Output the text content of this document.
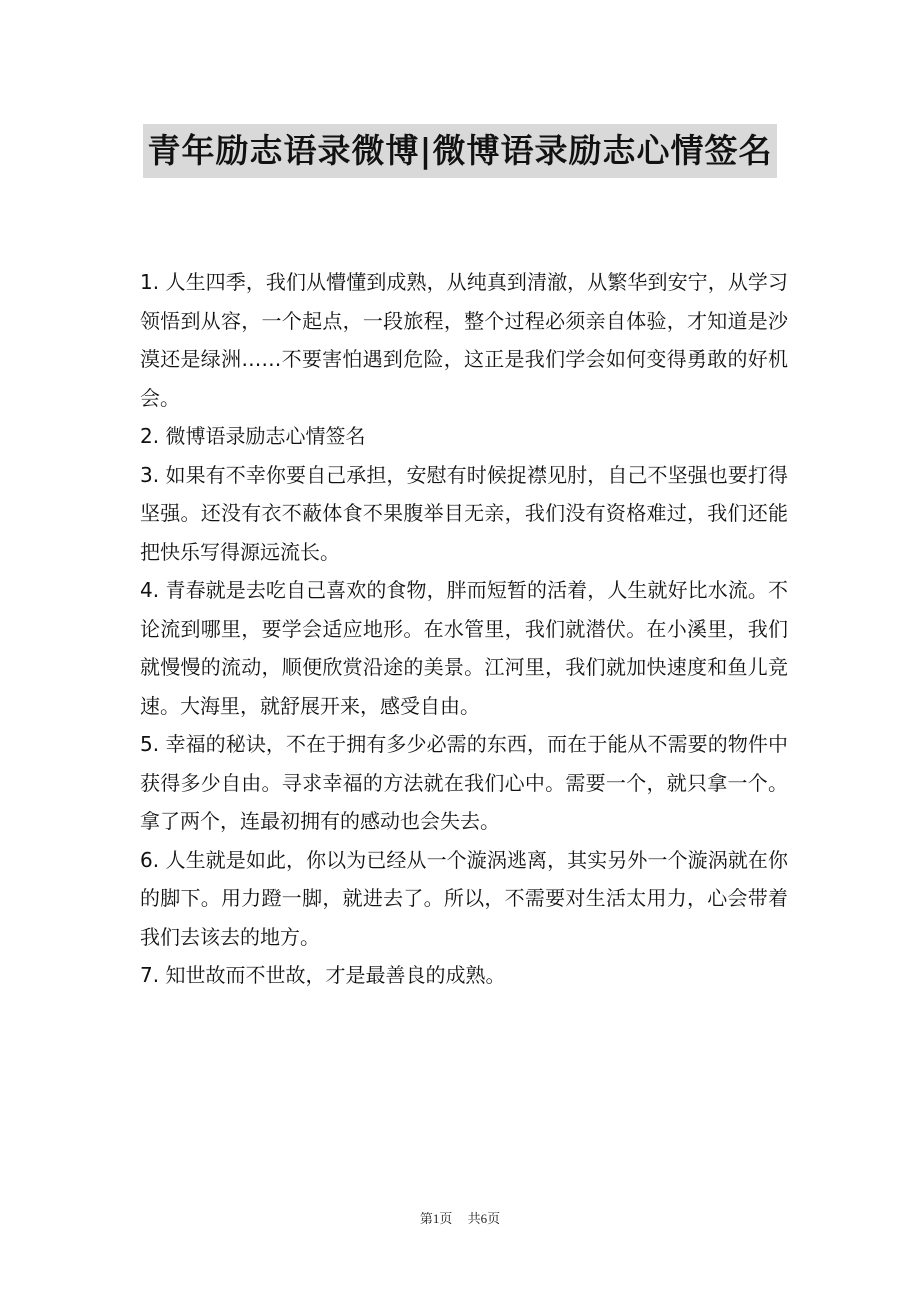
青年励志语录微博|微博语录励志心情签名

1. 人生四季，我们从懵懂到成熟，从纯真到清澈，从繁华到安宁，从学习领悟到从容，一个起点，一段旅程，整个过程必须亲自体验，才知道是沙漠还是绿洲……不要害怕遇到危险，这正是我们学会如何变得勇敢的好机会。

2. 微博语录励志心情签名

3. 如果有不幸你要自己承担，安慰有时候捉襟见肘，自己不坚强也要打得坚强。还没有衣不蔽体食不果腹举目无亲，我们没有资格难过，我们还能把快乐写得源远流长。

4. 青春就是去吃自己喜欢的食物，胖而短暂的活着，人生就好比水流。不论流到哪里，要学会适应地形。在水管里，我们就潜伏。在小溪里，我们就慢慢的流动，顺便欣赏沿途的美景。江河里，我们就加快速度和鱼儿竞速。大海里，就舒展开来，感受自由。

5. 幸福的秘诀，不在于拥有多少必需的东西，而在于能从不需要的物件中获得多少自由。寻求幸福的方法就在我们心中。需要一个，就只拿一个。拿了两个，连最初拥有的感动也会失去。

6. 人生就是如此，你以为已经从一个漩涡逃离，其实另外一个漩涡就在你的脚下。用力蹬一脚，就进去了。所以，不需要对生活太用力，心会带着我们去该去的地方。

7. 知世故而不世故，才是最善良的成熟。

第1页 共6页
